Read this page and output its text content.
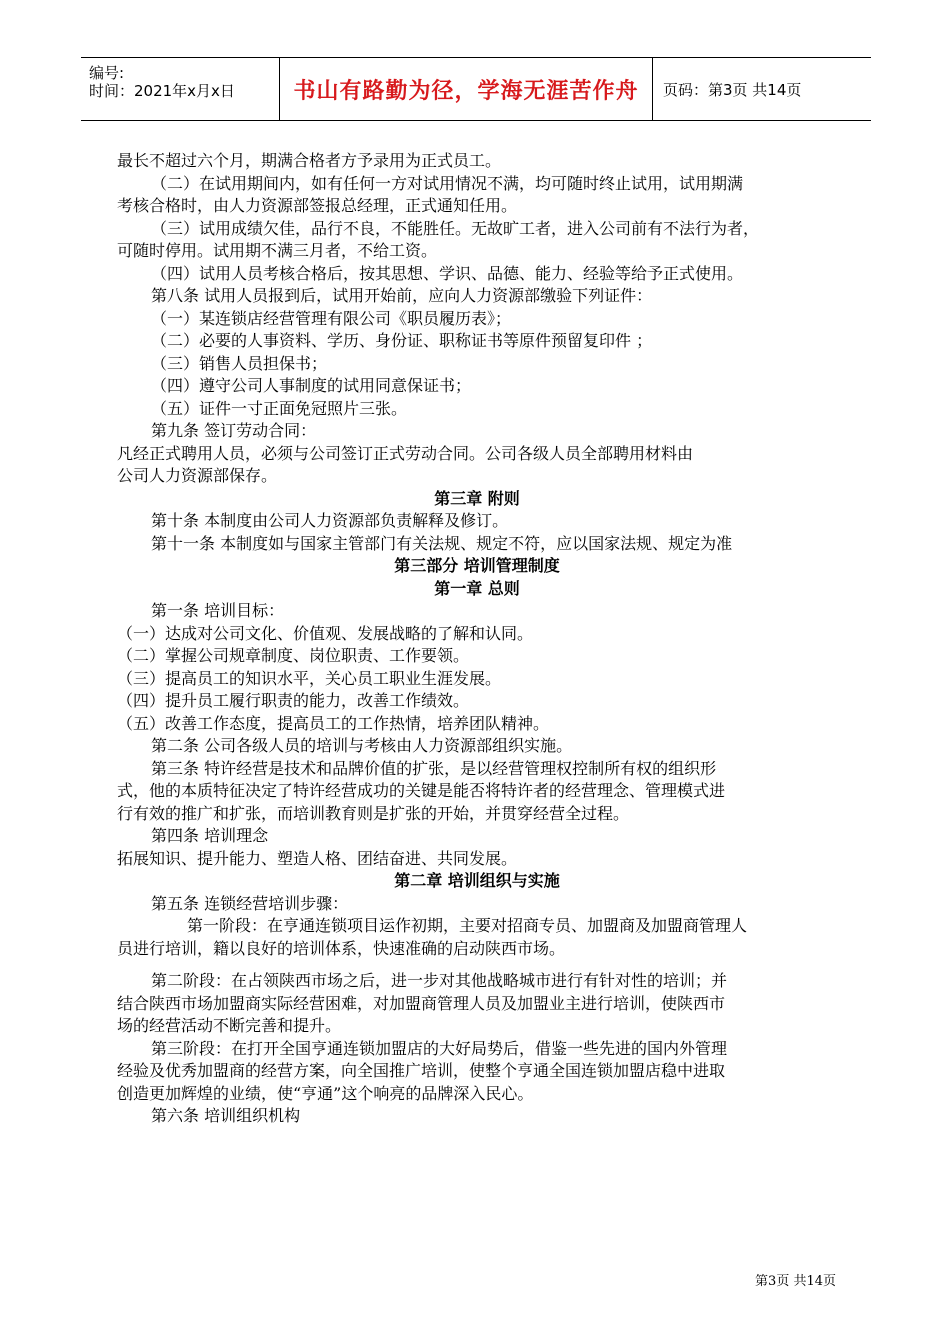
编号:
时间：2021年x月x日	书山有路勤为径，学海无涯苦作舟 页码：第3页 共14页
最长不超过六个月，期满合格者方予录用为正式员工。
（二）在试用期间内，如有任何一方对试用情况不满，均可随时终止试用，试用期满
考核合格时，由人力资源部签报总经理，正式通知任用。
（三）试用成绩欠佳，品行不良，不能胜任。无故旷工者，进入公司前有不法行为者，
可随时停用。试用期不满三月者，不给工资。
（四）试用人员考核合格后，按其思想、学识、品德、能力、经验等给予正式使用。
第八条 试用人员报到后，试用开始前，应向人力资源部缴验下列证件：
（一）某连锁店经营管理有限公司《职员履历表》；
（二）必要的人事资料、学历、身份证、职称证书等原件预留复印件 ；
（三）销售人员担保书；
（四）遵守公司人事制度的试用同意保证书；
（五）证件一寸正面免冠照片三张。
第九条 签订劳动合同：
凡经正式聘用人员，必须与公司签订正式劳动合同。公司各级人员全部聘用材料由
公司人力资源部保存。
第三章 附则
第十条 本制度由公司人力资源部负责解释及修订。
第十一条 本制度如与国家主管部门有关法规、规定不符，应以国家法规、规定为准
第三部分 培训管理制度
第一章 总则
第一条 培训目标：
（一）达成对公司文化、价值观、发展战略的了解和认同。
（二）掌握公司规章制度、岗位职责、工作要领。
（三）提高员工的知识水平，关心员工职业生涯发展。
（四）提升员工履行职责的能力，改善工作绩效。
（五）改善工作态度，提高员工的工作热情，培养团队精神。
第二条 公司各级人员的培训与考核由人力资源部组织实施。
第三条 特许经营是技术和品牌价值的扩张，是以经营管理权控制所有权的组织形
式，他的本质特征决定了特许经营成功的关键是能否将特许者的经营理念、管理模式进
行有效的推广和扩张，而培训教育则是扩张的开始，并贯穿经营全过程。
第四条 培训理念
拓展知识、提升能力、塑造人格、团结奋进、共同发展。
第二章 培训组织与实施
第五条 连锁经营培训步骤：
第一阶段：在亨通连锁项目运作初期，主要对招商专员、加盟商及加盟商管理人
员进行培训，籍以良好的培训体系，快速准确的启动陕西市场。
第二阶段：在占领陕西市场之后，进一步对其他战略城市进行有针对性的培训；并
结合陕西市场加盟商实际经营困难，对加盟商管理人员及加盟业主进行培训，使陕西市
场的经营活动不断完善和提升。
第三阶段：在打开全国亨通连锁加盟店的大好局势后，借鉴一些先进的国内外管理
经验及优秀加盟商的经营方案，向全国推广培训，使整个亨通全国连锁加盟店稳中进取
创造更加辉煌的业绩，使“亨通”这个响亮的品牌深入民心。
第六条 培训组织机构
第3页 共14页
